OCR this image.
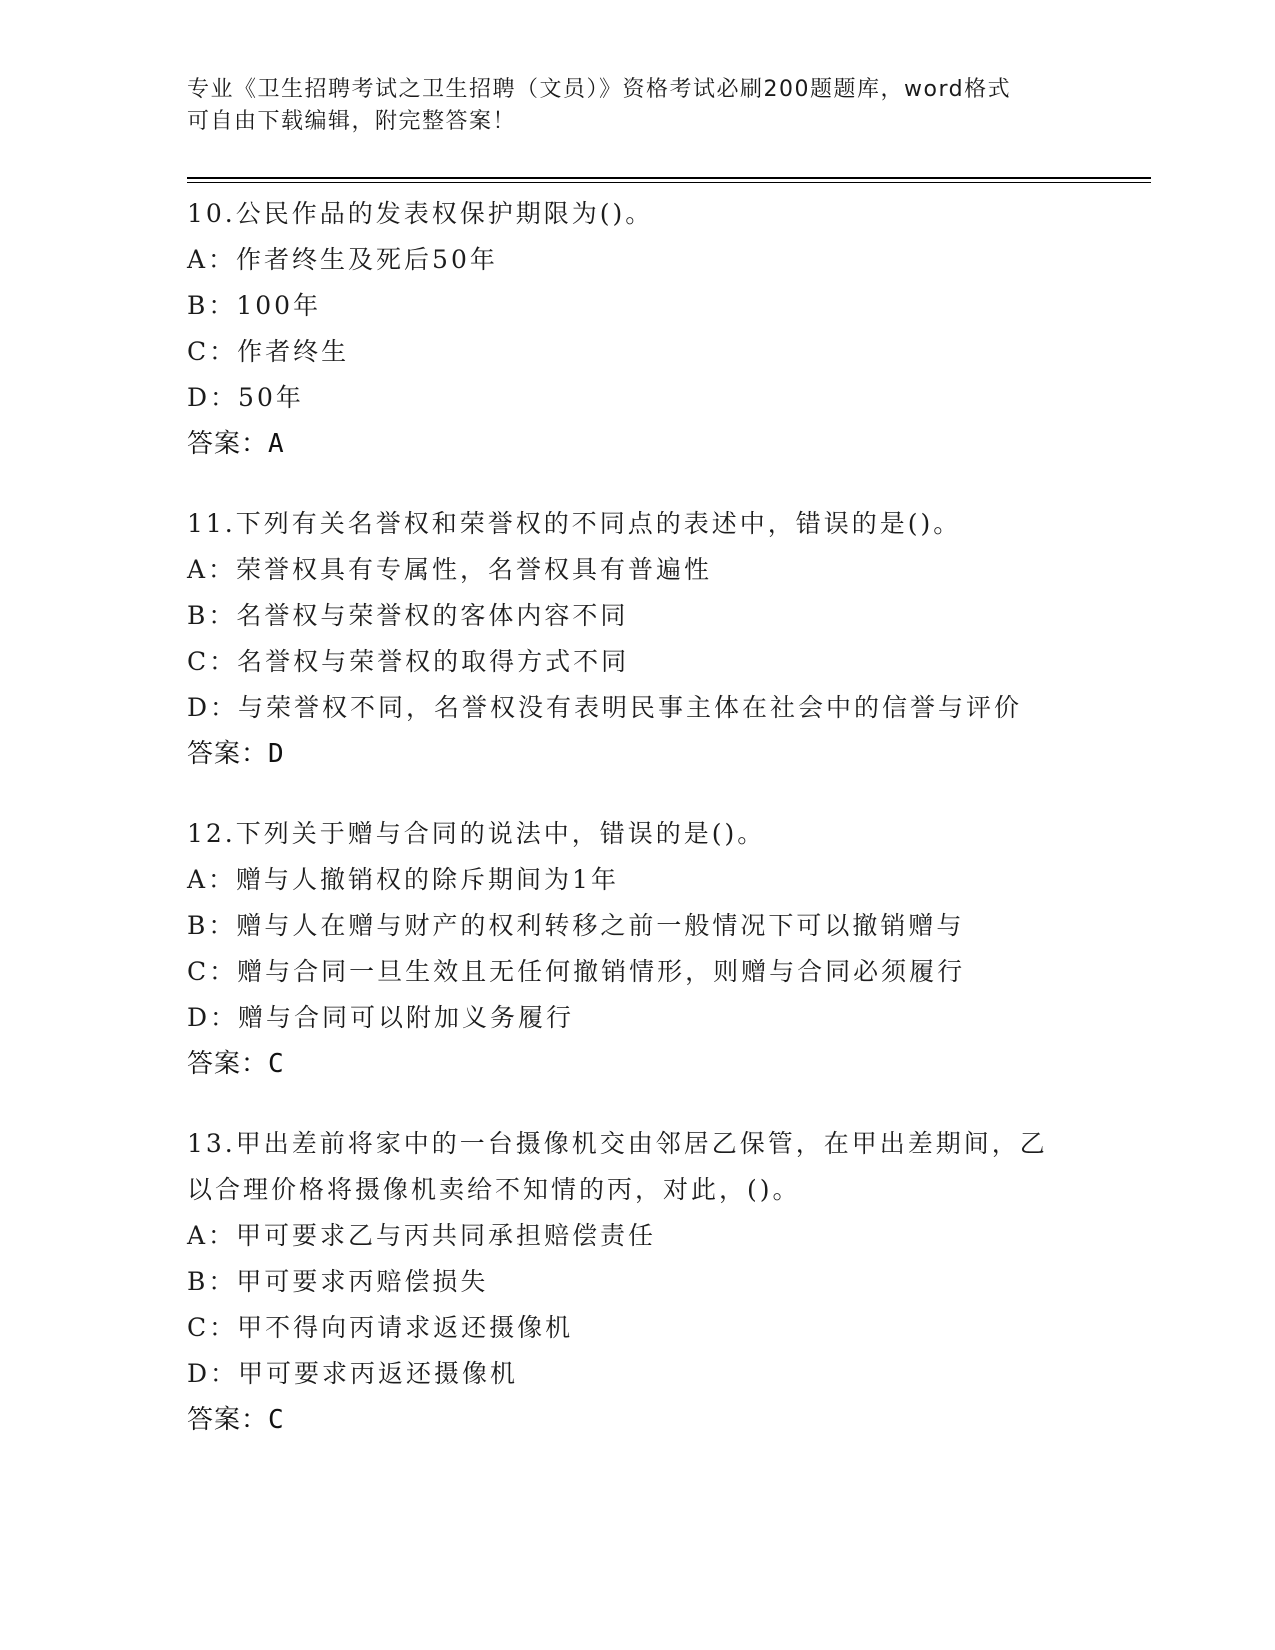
专业《卫生招聘考试之卫生招聘（文员）》资格考试必刷200题题库，word格式
可自由下载编辑，附完整答案！
10.公民作品的发表权保护期限为()。
A：作者终生及死后50年
B：100年
C：作者终生
D：50年
答案：A
11.下列有关名誉权和荣誉权的不同点的表述中，错误的是()。
A：荣誉权具有专属性，名誉权具有普遍性
B：名誉权与荣誉权的客体内容不同
C：名誉权与荣誉权的取得方式不同
D：与荣誉权不同，名誉权没有表明民事主体在社会中的信誉与评价
答案：D
12.下列关于赠与合同的说法中，错误的是()。
A：赠与人撤销权的除斥期间为1年
B：赠与人在赠与财产的权利转移之前一般情况下可以撤销赠与
C：赠与合同一旦生效且无任何撤销情形，则赠与合同必须履行
D：赠与合同可以附加义务履行
答案：C
13.甲出差前将家中的一台摄像机交由邻居乙保管，在甲出差期间，乙
以合理价格将摄像机卖给不知情的丙，对此，()。
A：甲可要求乙与丙共同承担赔偿责任
B：甲可要求丙赔偿损失
C：甲不得向丙请求返还摄像机
D：甲可要求丙返还摄像机
答案：C
